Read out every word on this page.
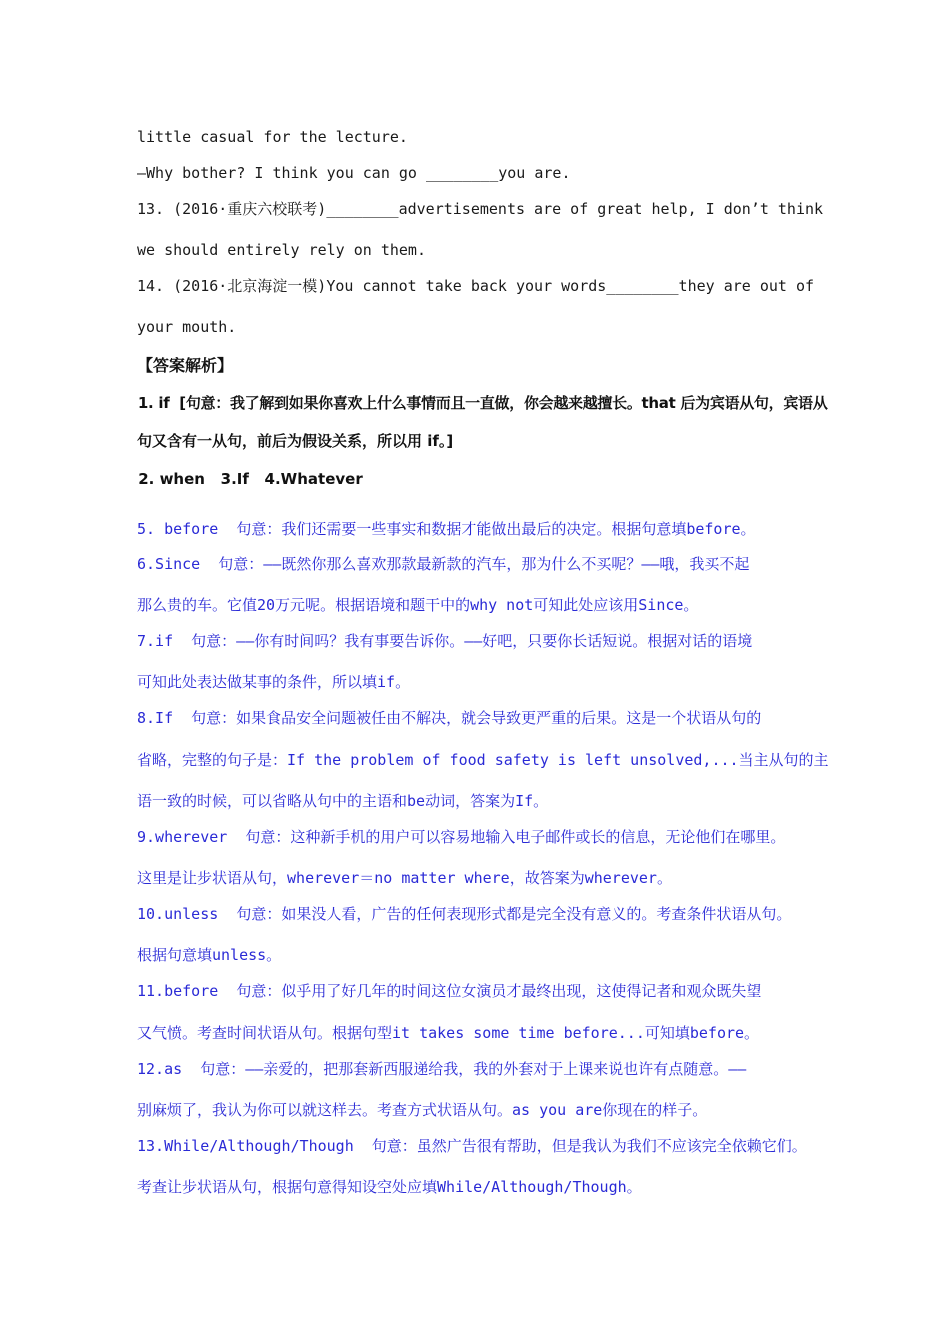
little casual for the lecture.
—Why bother? I think you can go ________you are.
13. (2016·重庆六校联考)________advertisements are of great help, I don’t think
we should entirely rely on them.
14. (2016·北京海淀一模)You cannot take back your words________they are out of
your mouth.
【答案解析】
1. if  [句意：我了解到如果你喜欢上什么事情而且一直做，你会越来越擅长。that 后为宾语从句，宾语从
句又含有一从句，前后为假设关系，所以用 if。]
2. when   3.If   4.Whatever
5. before  句意：我们还需要一些事实和数据才能做出最后的决定。根据句意填before。
6.Since  句意：——既然你那么喜欢那款最新款的汽车，那为什么不买呢？——哦，我买不起
那么贵的车。它值20万元呢。根据语境和题干中的why not可知此处应该用Since。
7.if  句意：——你有时间吗？我有事要告诉你。——好吧，只要你长话短说。根据对话的语境
可知此处表达做某事的条件，所以填if。
8.If  句意：如果食品安全问题被任由不解决，就会导致更严重的后果。这是一个状语从句的
省略，完整的句子是：If the problem of food safety is left unsolved,...当主从句的主
语一致的时候，可以省略从句中的主语和be动词，答案为If。
9.wherever  句意：这种新手机的用户可以容易地输入电子邮件或长的信息，无论他们在哪里。
这里是让步状语从句，wherever＝no matter where，故答案为wherever。
10.unless  句意：如果没人看，广告的任何表现形式都是完全没有意义的。考查条件状语从句。
根据句意填unless。
11.before  句意：似乎用了好几年的时间这位女演员才最终出现，这使得记者和观众既失望
又气愤。考查时间状语从句。根据句型it takes some time before...可知填before。
12.as  句意：——亲爱的，把那套新西服递给我，我的外套对于上课来说也许有点随意。——
别麻烦了，我认为你可以就这样去。考查方式状语从句。as you are你现在的样子。
13.While/Although/Though  句意：虽然广告很有帮助，但是我认为我们不应该完全依赖它们。
考查让步状语从句，根据句意得知设空处应填While/Although/Though。
